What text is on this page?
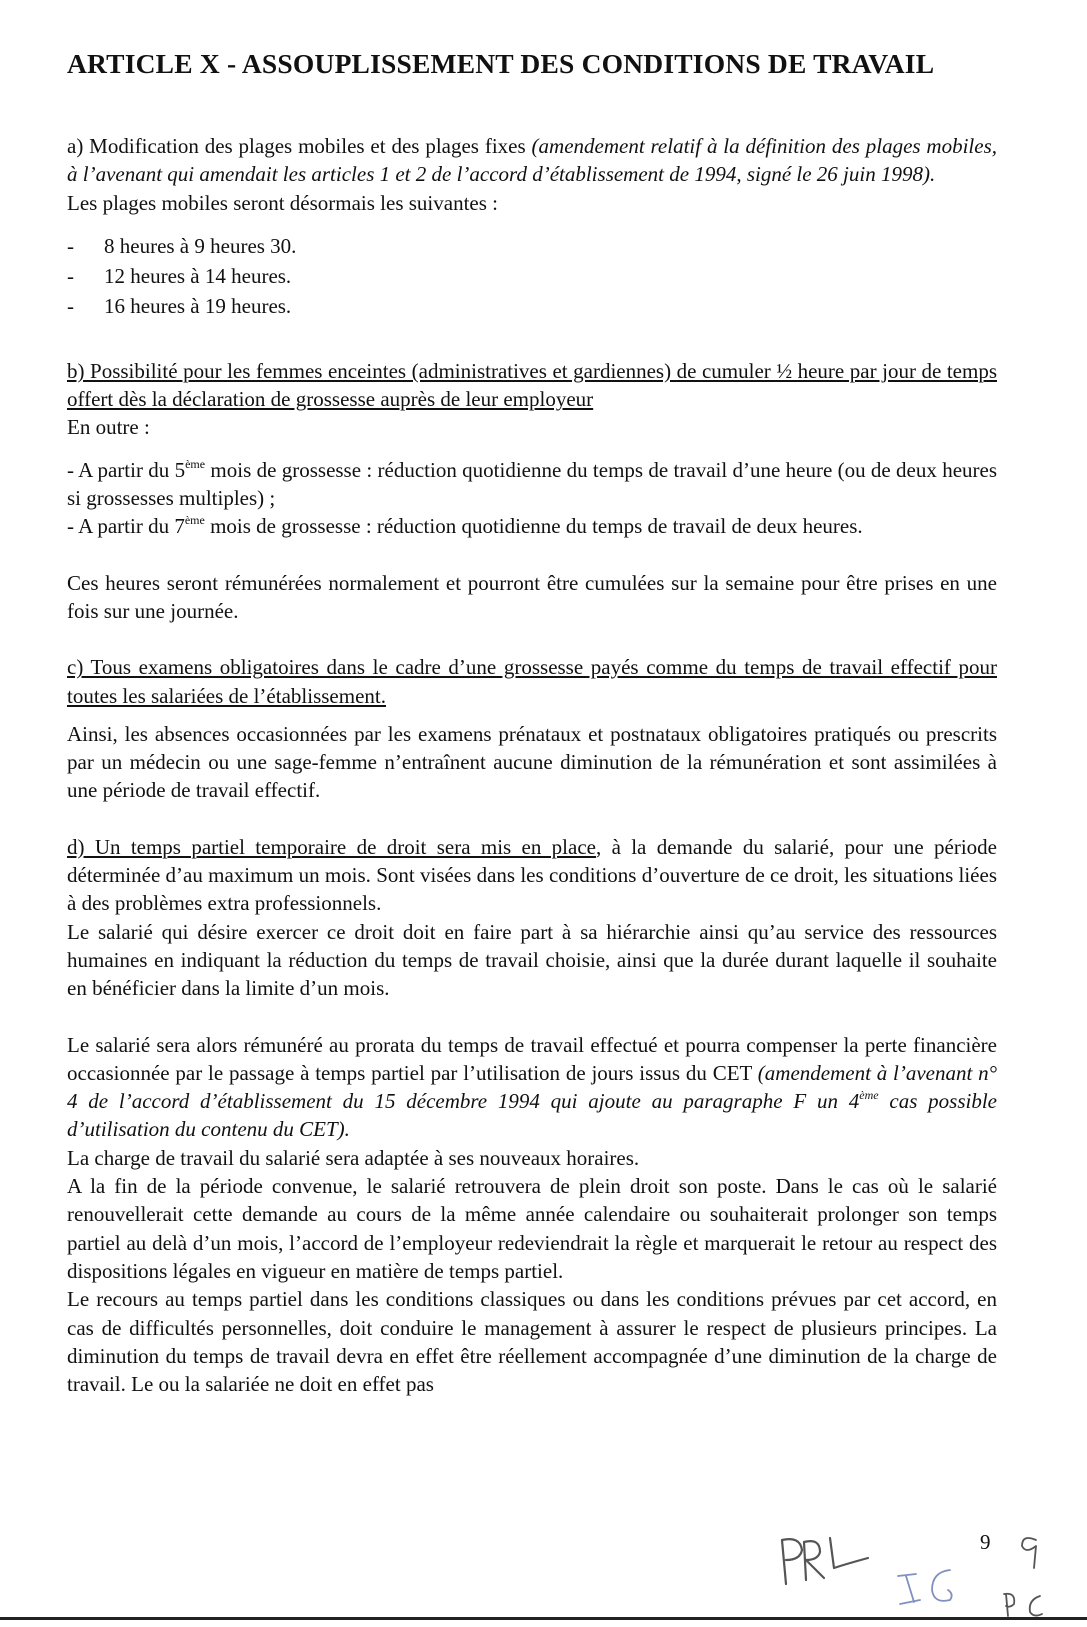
ARTICLE X - ASSOUPLISSEMENT DES CONDITIONS DE TRAVAIL

a) Modification des plages mobiles et des plages fixes (amendement relatif à la définition des plages mobiles, à l’avenant qui amendait les articles 1 et 2 de l’accord d’établissement de 1994, signé le 26 juin 1998).

Les plages mobiles seront désormais les suivantes :

- 8 heures à 9 heures 30.
- 12 heures à 14 heures.
- 16 heures à 19 heures.

b) Possibilité pour les femmes enceintes (administratives et gardiennes) de cumuler ½ heure par jour de temps offert dès la déclaration de grossesse auprès de leur employeur

En outre :

- A partir du 5ème mois de grossesse : réduction quotidienne du temps de travail d’une heure (ou de deux heures si grossesses multiples) ;

- A partir du 7ème mois de grossesse : réduction quotidienne du temps de travail de deux heures.

Ces heures seront rémunérées normalement et pourront être cumulées sur la semaine pour être prises en une fois sur une journée.

c) Tous examens obligatoires dans le cadre d’une grossesse payés comme du temps de travail effectif pour toutes les salariées de l’établissement.

Ainsi, les absences occasionnées par les examens prénataux et postnataux obligatoires pratiqués ou prescrits par un médecin ou une sage-femme n’entraînent aucune diminution de la rémunération et sont assimilées à une période de travail effectif.

d) Un temps partiel temporaire de droit sera mis en place, à la demande du salarié, pour une période déterminée d’au maximum un mois. Sont visées dans les conditions d’ouverture de ce droit, les situations liées à des problèmes extra professionnels.

Le salarié qui désire exercer ce droit doit en faire part à sa hiérarchie ainsi qu’au service des ressources humaines en indiquant la réduction du temps de travail choisie, ainsi que la durée durant laquelle il souhaite en bénéficier dans la limite d’un mois.

Le salarié sera alors rémunéré au prorata du temps de travail effectué et pourra compenser la perte financière occasionnée par le passage à temps partiel par l’utilisation de jours issus du CET (amendement à l’avenant n° 4 de l’accord d’établissement du 15 décembre 1994 qui ajoute au paragraphe F un 4ème cas possible d’utilisation du contenu du CET).

La charge de travail du salarié sera adaptée à ses nouveaux horaires.

A la fin de la période convenue, le salarié retrouvera de plein droit son poste. Dans le cas où le salarié renouvellerait cette demande au cours de la même année calendaire ou souhaiterait prolonger son temps partiel au delà d’un mois, l’accord de l’employeur redeviendrait la règle et marquerait le retour au respect des dispositions légales en vigueur en matière de temps partiel.

Le recours au temps partiel dans les conditions classiques ou dans les conditions prévues par cet accord, en cas de difficultés personnelles, doit conduire le management à assurer le respect de plusieurs principes. La diminution du temps de travail devra en effet être réellement accompagnée d’une diminution de la charge de travail. Le ou la salariée ne doit en effet pas

9
